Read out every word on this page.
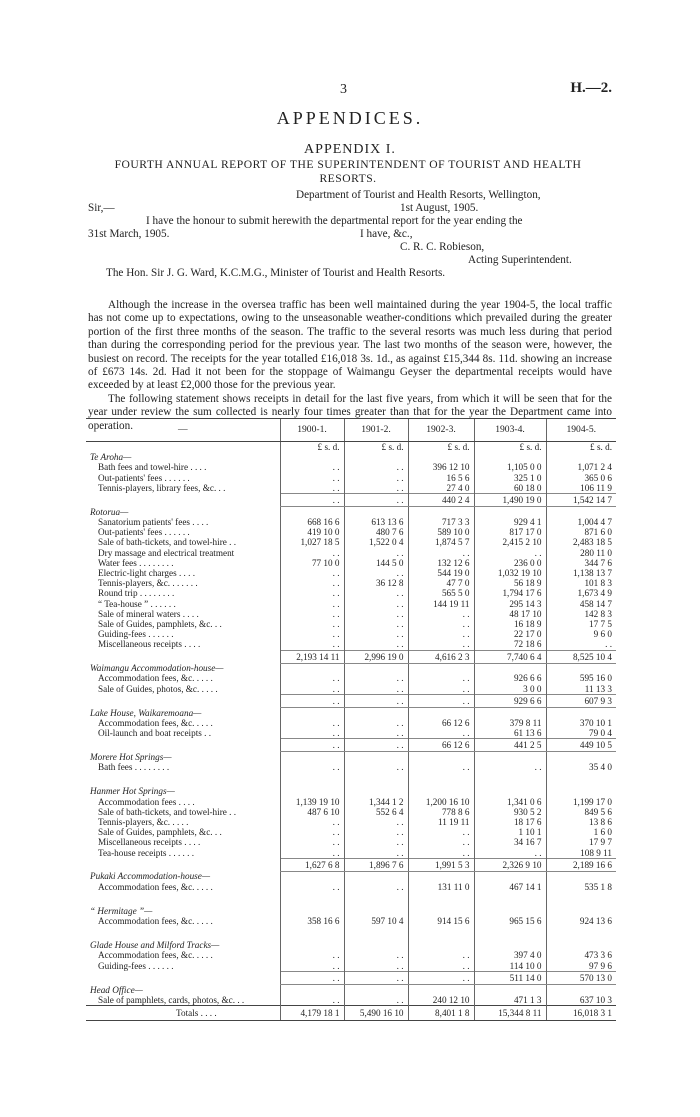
3	H.—2.
APPENDICES.
APPENDIX I.
FOURTH ANNUAL REPORT OF THE SUPERINTENDENT OF TOURIST AND HEALTH RESORTS.
Department of Tourist and Health Resorts, Wellington,
Sir,—	1st August, 1905.
I have the honour to submit herewith the departmental report for the year ending the
31st March, 1905.	I have, &c.,
C. R. C. Robieson,
Acting Superintendent.
The Hon. Sir J. G. Ward, K.C.M.G., Minister of Tourist and Health Resorts.

Although the increase in the oversea traffic has been well maintained during the year 1904-5, the local traffic has not come up to expectations, owing to the unseasonable weather-conditions which prevailed during the greater portion of the first three months of the season. The traffic to the several resorts was much less during that period than during the corresponding period for the previous year. The last two months of the season were, however, the busiest on record. The receipts for the year totalled £16,018 3s. 1d., as against £15,344 8s. 11d. showing an increase of £673 14s. 2d. Had it not been for the stoppage of Waimangu Geyser the departmental receipts would have exceeded by at least £2,000 those for the previous year.

The following statement shows receipts in detail for the last five years, from which it will be seen that for the year under review the sum collected is nearly four times greater than that for the year the Department came into operation.	—	1900-1.	1901-2.	1902-3.	1903-4.	1904-5.
	£ s. d.	£ s. d.	£ s. d.	£ s. d.	£ s. d.
Te Aroha—					
Bath fees and towel-hire . . . .	. .	. .	396 12 10	1,105 0 0	1,071 2 4
Out-patients' fees . . . . . .	. .	. .	16 5 6	325 1 0	365 0 6
Tennis-players, library fees, &c. . .	. .	. .	27 4 0	60 18 0	106 11 9
	. .	. .	440 2 4	1,490 19 0	1,542 14 7
Rotorua—					
Sanatorium patients' fees . . . .	668 16 6	613 13 6	717 3 3	929 4 1	1,004 4 7
Out-patients' fees . . . . . .	419 10 0	480 7 6	589 10 0	817 17 0	871 6 0
Sale of bath-tickets, and towel-hire . .	1,027 18 5	1,522 0 4	1,874 5 7	2,415 2 10	2,483 18 5
Dry massage and electrical treatment	. .	. .	. .	. .	280 11 0
Water fees . . . . . . . .	77 10 0	144 5 0	132 12 6	236 0 0	344 7 6
Electric-light charges . . . .	. .	. .	544 19 0	1,032 19 10	1,138 13 7
Tennis-players, &c. . . . . . .	. .	36 12 8	47 7 0	56 18 9	101 8 3
Round trip . . . . . . . .	. .	. .	565 5 0	1,794 17 6	1,673 4 9
“ Tea-house ” . . . . . .	. .	. .	144 19 11	295 14 3	458 14 7
Sale of mineral waters . . . .	. .	. .	. .	48 17 10	142 8 3
Sale of Guides, pamphlets, &c. . .	. .	. .	. .	16 18 9	17 7 5
Guiding-fees . . . . . .	. .	. .	. .	22 17 0	9 6 0
Miscellaneous receipts . . . .	. .	. .	. .	72 18 6	. .
	2,193 14 11	2,996 19 0	4,616 2 3	7,740 6 4	8,525 10 4
Waimangu Accommodation-house—					
Accommodation fees, &c. . . . .	. .	. .	. .	926 6 6	595 16 0
Sale of Guides, photos, &c. . . . .	. .	. .	. .	3 0 0	11 13 3
	. .	. .	. .	929 6 6	607 9 3
Lake House, Waikaremoana—					
Accommodation fees, &c. . . . .	. .	. .	66 12 6	379 8 11	370 10 1
Oil-launch and boat receipts . .	. .	. .	. .	61 13 6	79 0 4
	. .	. .	66 12 6	441 2 5	449 10 5
Morere Hot Springs—					
Bath fees . . . . . . . .	. .	. .	. .	. .	35 4 0

Hanmer Hot Springs—					
Accommodation fees . . . .	1,139 19 10	1,344 1 2	1,200 16 10	1,341 0 6	1,199 17 0
Sale of bath-tickets, and towel-hire . .	487 6 10	552 6 4	778 8 6	930 5 2	849 5 6
Tennis-players, &c. . . . .	. .	. .	11 19 11	18 17 6	13 8 6
Sale of Guides, pamphlets, &c. . .	. .	. .	. .	1 10 1	1 6 0
Miscellaneous receipts . . . .	. .	. .	. .	34 16 7	17 9 7
Tea-house receipts . . . . . .	. .	. .	. .	. .	108 9 11
	1,627 6 8	1,896 7 6	1,991 5 3	2,326 9 10	2,189 16 6
Pukaki Accommodation-house—					
Accommodation fees, &c. . . . .	. .	. .	131 11 0	467 14 1	535 1 8

“ Hermitage ”—					
Accommodation fees, &c. . . . .	358 16 6	597 10 4	914 15 6	965 15 6	924 13 6

Glade House and Milford Tracks—					
Accommodation fees, &c. . . . .	. .	. .	. .	397 4 0	473 3 6
Guiding-fees . . . . . .	. .	. .	. .	114 10 0	97 9 6
	. .	. .	. .	511 14 0	570 13 0
Head Office—					
Sale of pamphlets, cards, photos, &c. . .	. .	. .	240 12 10	471 1 3	637 10 3
Totals . . . .	4,179 18 1	5,490 16 10	8,401 1 8	15,344 8 11	16,018 3 1
